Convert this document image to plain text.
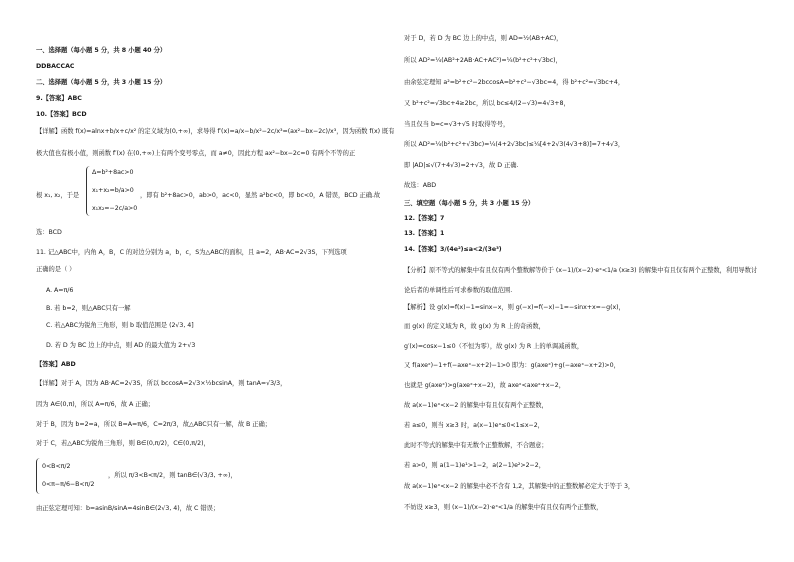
一、选择题（每小题 5 分，共 8 小题 40 分）
DDBACCAC
二、选择题（每小题 5 分，共 3 小题 15 分）
9.【答案】ABC
10.【答案】BCD
【详解】函数 f(x)=alnx+b/x+c/x² 的定义域为(0,+∞)，求导得 f′(x)=a/x−b/x²−2c/x³=(ax²−bx−2c)/x³，因为函数 f(x) 既有
极大值也有极小值，则函数 f′(x) 在(0,+∞)上有两个变号零点，而 a≠0，因此方程 ax²−bx−2c=0 有两个不等的正
根 x₁, x₂，于是
Δ=b²+8ac>0
x₁+x₂=b/a>0
x₁x₂=−2c/a>0
，即有 b²+8ac>0，ab>0，ac<0，显然 a²bc<0，即 bc<0，A 错误，BCD 正确.故
选：BCD
11. 记△ABC中，内角 A，B，C 的对边分别为 a，b，c，S为△ABC的面积，且 a=2，AB·AC=2√3S，下列选项
正确的是（ ）
A. A=π/6
B. 若 b=2，则△ABC只有一解
C. 若△ABC为锐角三角形，则 b 取值范围是 (2√3, 4]
D. 若 D 为 BC 边上的中点，则 AD 的最大值为 2+√3
【答案】ABD
【详解】对于 A，因为 AB·AC=2√3S，所以 bccosA=2√3×½bcsinA，则 tanA=√3/3，
因为 A∈(0,π)，所以 A=π/6，故 A 正确；
对于 B，因为 b=2=a，所以 B=A=π/6，C=2π/3，故△ABC只有一解，故 B 正确；
对于 C，若△ABC为锐角三角形，则 B∈(0,π/2)，C∈(0,π/2)，
0<B<π/2
0<π−π/6−B<π/2
，所以 π/3<B<π/2，则 tanB∈(√3/3, +∞)，
由正弦定理可知：b=asinB/sinA=4sinB∈(2√3, 4)，故 C 错误；
对于 D，若 D 为 BC 边上的中点，则 AD=½(AB+AC)，
所以 AD²=¼(AB²+2AB·AC+AC²)=¼(b²+c²+√3bc)，
由余弦定理知 a²=b²+c²−2bccosA=b²+c²−√3bc=4，得 b²+c²=√3bc+4，
又 b²+c²=√3bc+4≥2bc，所以 bc≤4/(2−√3)=4√3+8，
当且仅当 b=c=√3+√5 时取得等号，
所以 AD²=¼(b²+c²+√3bc)=¼(4+2√3bc)≤¼[4+2√3(4√3+8)]=7+4√3，
即 |AD|≤√(7+4√3)=2+√3，故 D 正确.
故选：ABD
三、填空题（每小题 5 分，共 3 小题 15 分）
12.【答案】7
13.【答案】1
14.【答案】3/(4e²)≤a<2/(3e³)
【分析】原不等式的解集中有且仅有两个整数解等价于 (x−1)/(x−2)·eˣ<1/a (x≥3) 的解集中有且仅有两个正整数，利用导数讨
论后者的单调性后可求参数的取值范围.
【解析】设 g(x)=f(x)−1=sinx−x，则 g(−x)=f(−x)−1=−sinx+x=−g(x)，
而 g(x) 的定义域为 R，故 g(x) 为 R 上的奇函数，
g′(x)=cosx−1≤0（不恒为零），故 g(x) 为 R 上的单调减函数，
又 f(axeˣ)−1+f(−axeˣ−x+2)−1>0 即为：g(axeˣ)+g(−axeˣ−x+2)>0，
也就是 g(axeˣ)>g(axeˣ+x−2)，故 axeˣ<axeˣ+x−2，
故 a(x−1)eˣ<x−2 的解集中有且仅有两个正整数，
若 a≤0，则当 x≥3 时，a(x−1)eˣ≤0<1≤x−2，
此时不等式的解集中有无数个正整数解，不合题意；
若 a>0，则 a(1−1)e¹>1−2，a(2−1)e²>2−2，
故 a(x−1)eˣ<x−2 的解集中必不含有 1,2，其解集中的正整数解必定大于等于 3，
不妨设 x≥3，则 (x−1)/(x−2)·eˣ<1/a 的解集中有且仅有两个正整数，
